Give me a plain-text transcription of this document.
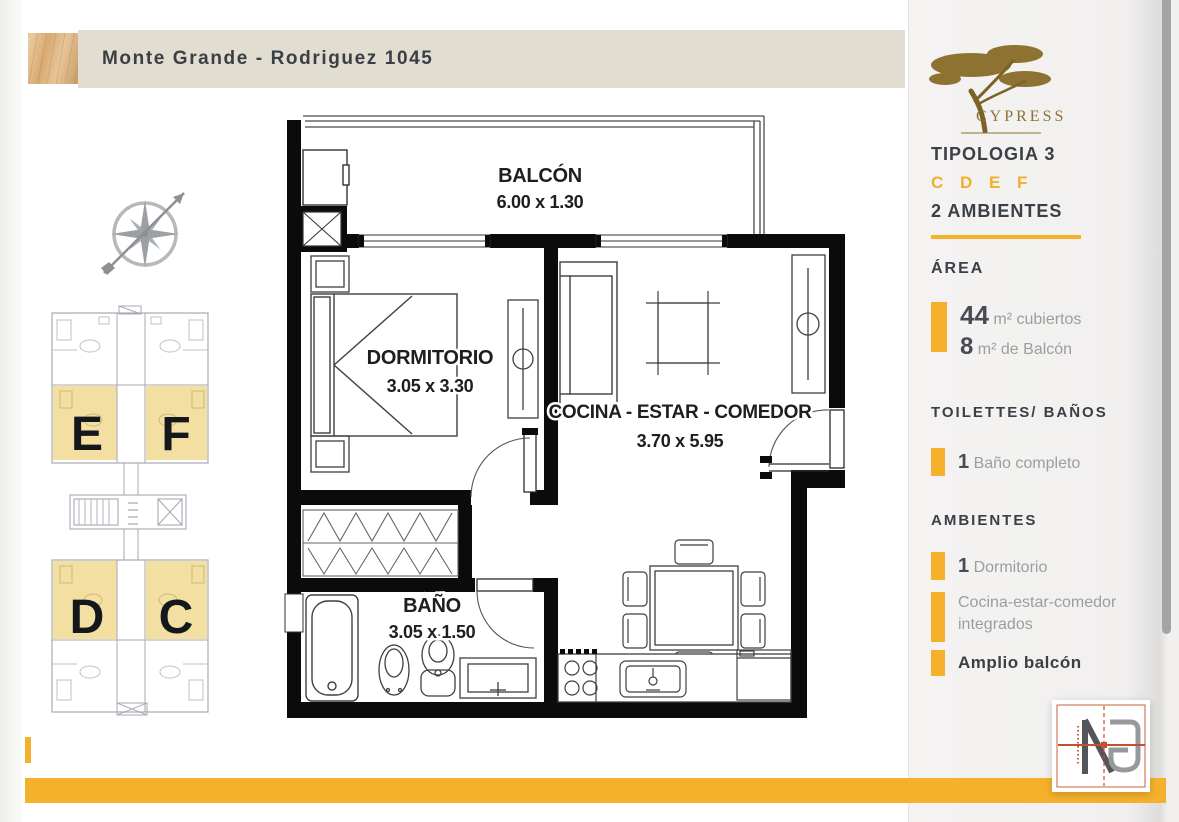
Monte Grande - Rodriguez 1045
E F
D C
BALCÓN
6.00 x 1.30
DORMITORIO
3.05 x 3.30
COCINA - ESTAR - COMEDOR
3.70 x 5.95
BAÑO
3.05 x 1.50
CYPRESS
TIPOLOGIA 3
C D E F
2 AMBIENTES
ÁREA
44 m² cubiertos
8 m² de Balcón
TOILETTES/ BAÑOS
1 Baño completo
AMBIENTES
1 Dormitorio
Cocina-estar-comedor integrados
Amplio balcón
